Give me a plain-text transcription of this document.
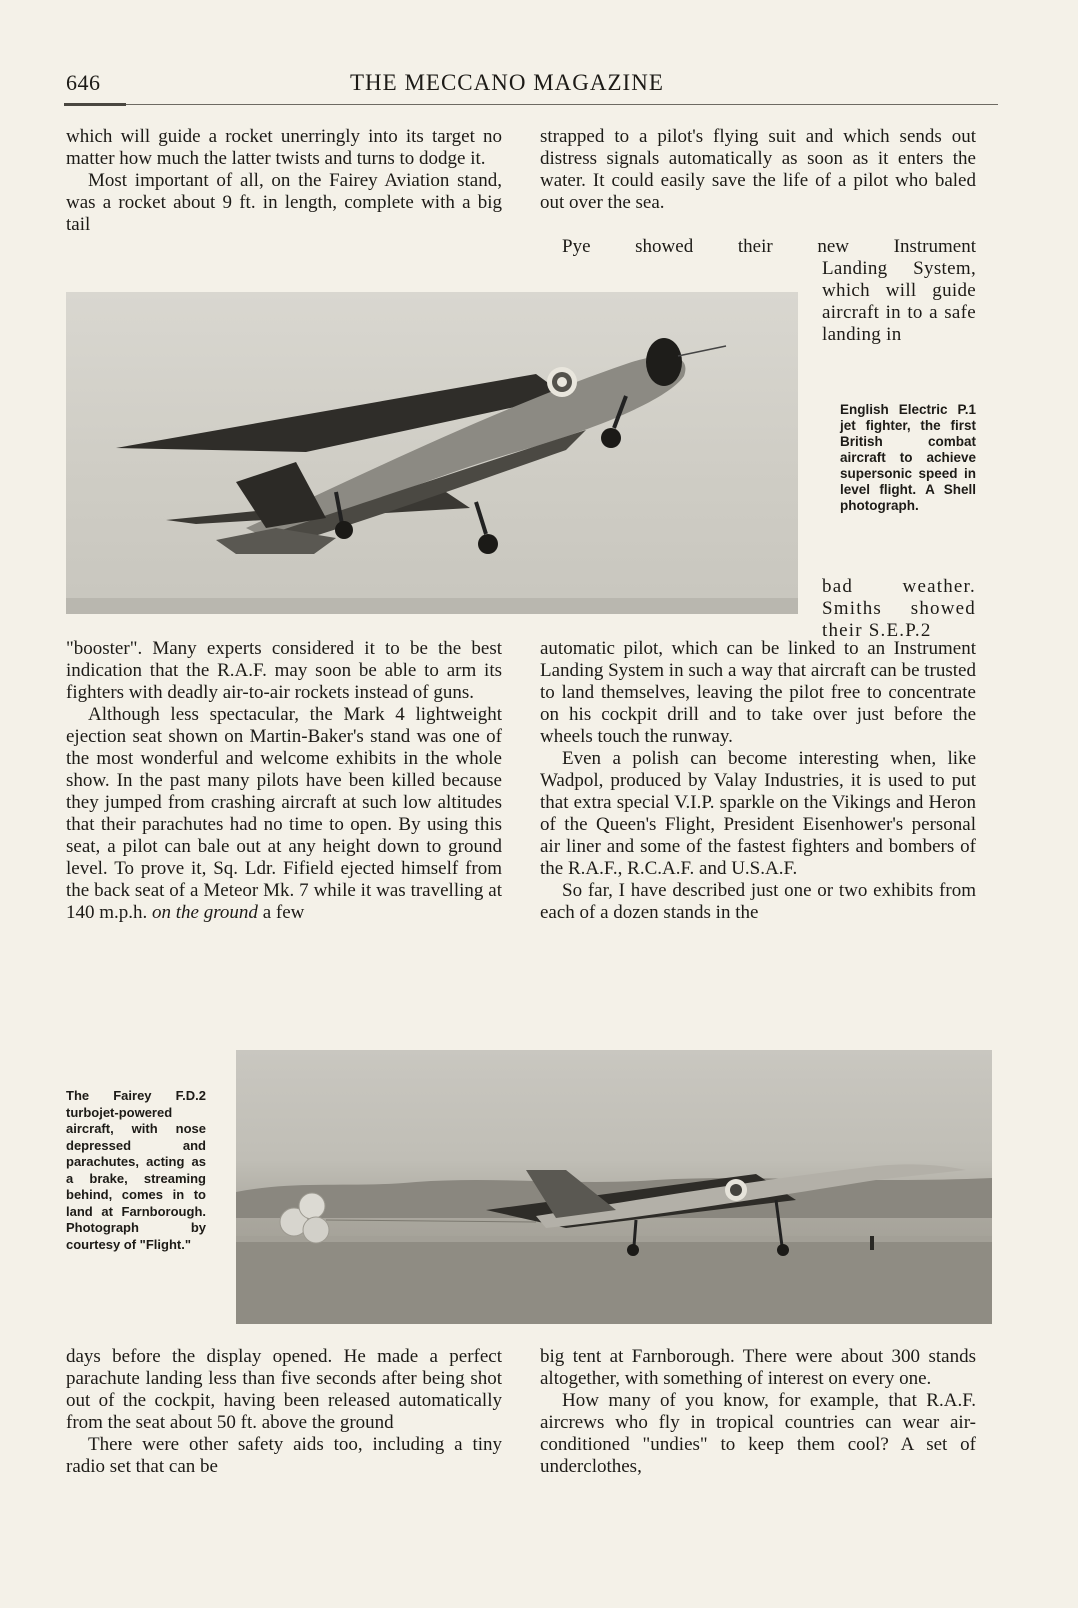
646	THE MECCANO MAGAZINE

which will guide a rocket unerringly into its target no matter how much the latter twists and turns to dodge it.

Most important of all, on the Fairey Aviation stand, was a rocket about 9 ft. in length, complete with a big tail

strapped to a pilot's flying suit and which sends out distress signals automatically as soon as it enters the water. It could easily save the life of a pilot who baled out over the sea.

Pye showed their new Instrument

Landing System, which will guide aircraft in to a safe landing in

English Electric P.1 jet fighter, the first British combat aircraft to achieve supersonic speed in level flight. A Shell photograph.

bad weather. Smiths showed their S.E.P.2

"booster". Many experts considered it to be the best indication that the R.A.F. may soon be able to arm its fighters with deadly air-to-air rockets instead of guns.

Although less spectacular, the Mark 4 lightweight ejection seat shown on Martin-Baker's stand was one of the most wonderful and welcome exhibits in the whole show. In the past many pilots have been killed because they jumped from crashing aircraft at such low altitudes that their parachutes had no time to open. By using this seat, a pilot can bale out at any height down to ground level. To prove it, Sq. Ldr. Fifield ejected himself from the back seat of a Meteor Mk. 7 while it was travelling at 140 m.p.h. on the ground a few

automatic pilot, which can be linked to an Instrument Landing System in such a way that aircraft can be trusted to land themselves, leaving the pilot free to concentrate on his cockpit drill and to take over just before the wheels touch the runway.

Even a polish can become interesting when, like Wadpol, produced by Valay Industries, it is used to put that extra special V.I.P. sparkle on the Vikings and Heron of the Queen's Flight, President Eisenhower's personal air liner and some of the fastest fighters and bombers of the R.A.F., R.C.A.F. and U.S.A.F.

So far, I have described just one or two exhibits from each of a dozen stands in the

The Fairey F.D.2 turbojet-powered aircraft, with nose depressed and parachutes, acting as a brake, streaming behind, comes in to land at Farnborough. Photograph by courtesy of "Flight."

days before the display opened. He made a perfect parachute landing less than five seconds after being shot out of the cockpit, having been released automatically from the seat about 50 ft. above the ground

There were other safety aids too, including a tiny radio set that can be

big tent at Farnborough. There were about 300 stands altogether, with something of interest on every one.

How many of you know, for example, that R.A.F. aircrews who fly in tropical countries can wear air-conditioned "undies" to keep them cool? A set of underclothes,
